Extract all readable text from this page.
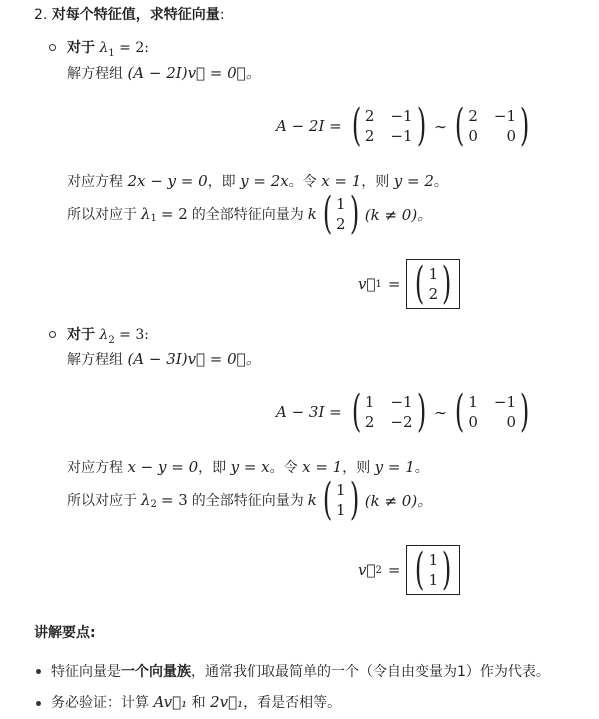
2. 对每个特征值，求特征向量:
对于 $\lambda_1 = 2$:
解方程组 (A − 2I)v⃗ = 0⃗。
A − 2I = ( 2 −1
2 −1 ) ∼ ( 2 −1
0	0 )
对应方程 2x − y = 0，即 y = 2x。令 x = 1，则 y = 2。
所以对应于 $\lambda_1 = 2$ 的全部特征向量为 k ( 1
2 ) (k ≠ 0)。
v⃗ 1 = ( 1
2 )
对于 $\lambda_2 = 3$:
解方程组 (A − 3I)v⃗ = 0⃗。
A − 3I = ( 1 −1
2 −2 ) ∼ ( 1 −1
0	0 )
对应方程 x − y = 0，即 y = x。令 x = 1，则 y = 1。
所以对应于 $\lambda_2 = 3$ 的全部特征向量为 k ( 1
1 ) (k ≠ 0)。
v⃗ 2 = ( 1
1 )
讲解要点:
特征向量是一个向量族，通常我们取最简单的一个（令自由变量为1）作为代表。
务必验证：计算 Av⃗₁ 和 2v⃗₁，看是否相等。
